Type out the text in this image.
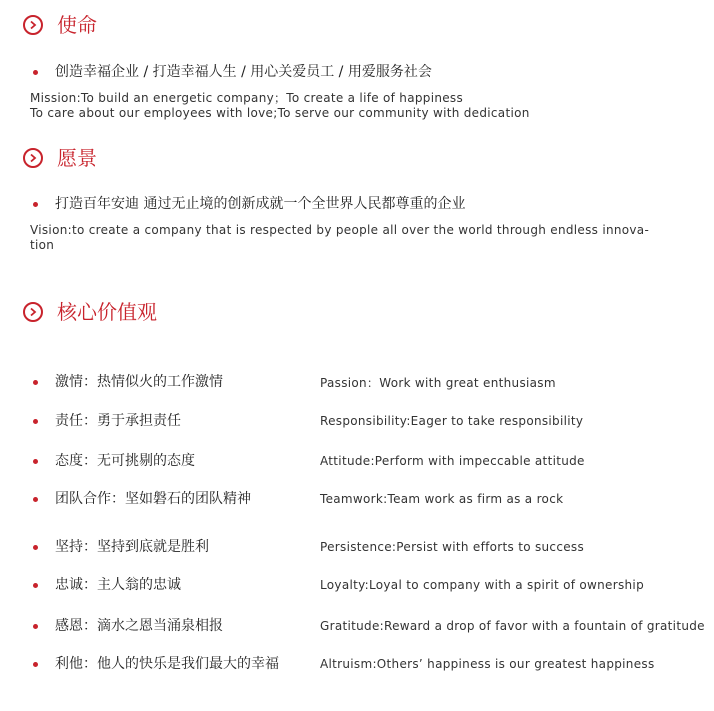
使命
创造幸福企业 / 打造幸福人生 / 用心关爱员工 / 用爱服务社会
Mission:To build an energetic company；To create a life of happiness
To care about our employees with love;To serve our community with dedication
愿景
打造百年安迪 通过无止境的创新成就一个全世界人民都尊重的企业
Vision:to create a company that is respected by people all over the world through endless innova-
tion
核心价值观
激情：热情似火的工作激情	Passion：Work with great enthusiasm
责任：勇于承担责任	Responsibility:Eager to take responsibility
态度：无可挑剔的态度	Attitude:Perform with impeccable attitude
团队合作：坚如磐石的团队精神	Teamwork:Team work as firm as a rock
坚持：坚持到底就是胜利	Persistence:Persist with efforts to success
忠诚：主人翁的忠诚	Loyalty:Loyal to company with a spirit of ownership
感恩：滴水之恩当涌泉相报	Gratitude:Reward a drop of favor with a fountain of gratitude
利他：他人的快乐是我们最大的幸福	Altruism:Others’ happiness is our greatest happiness
